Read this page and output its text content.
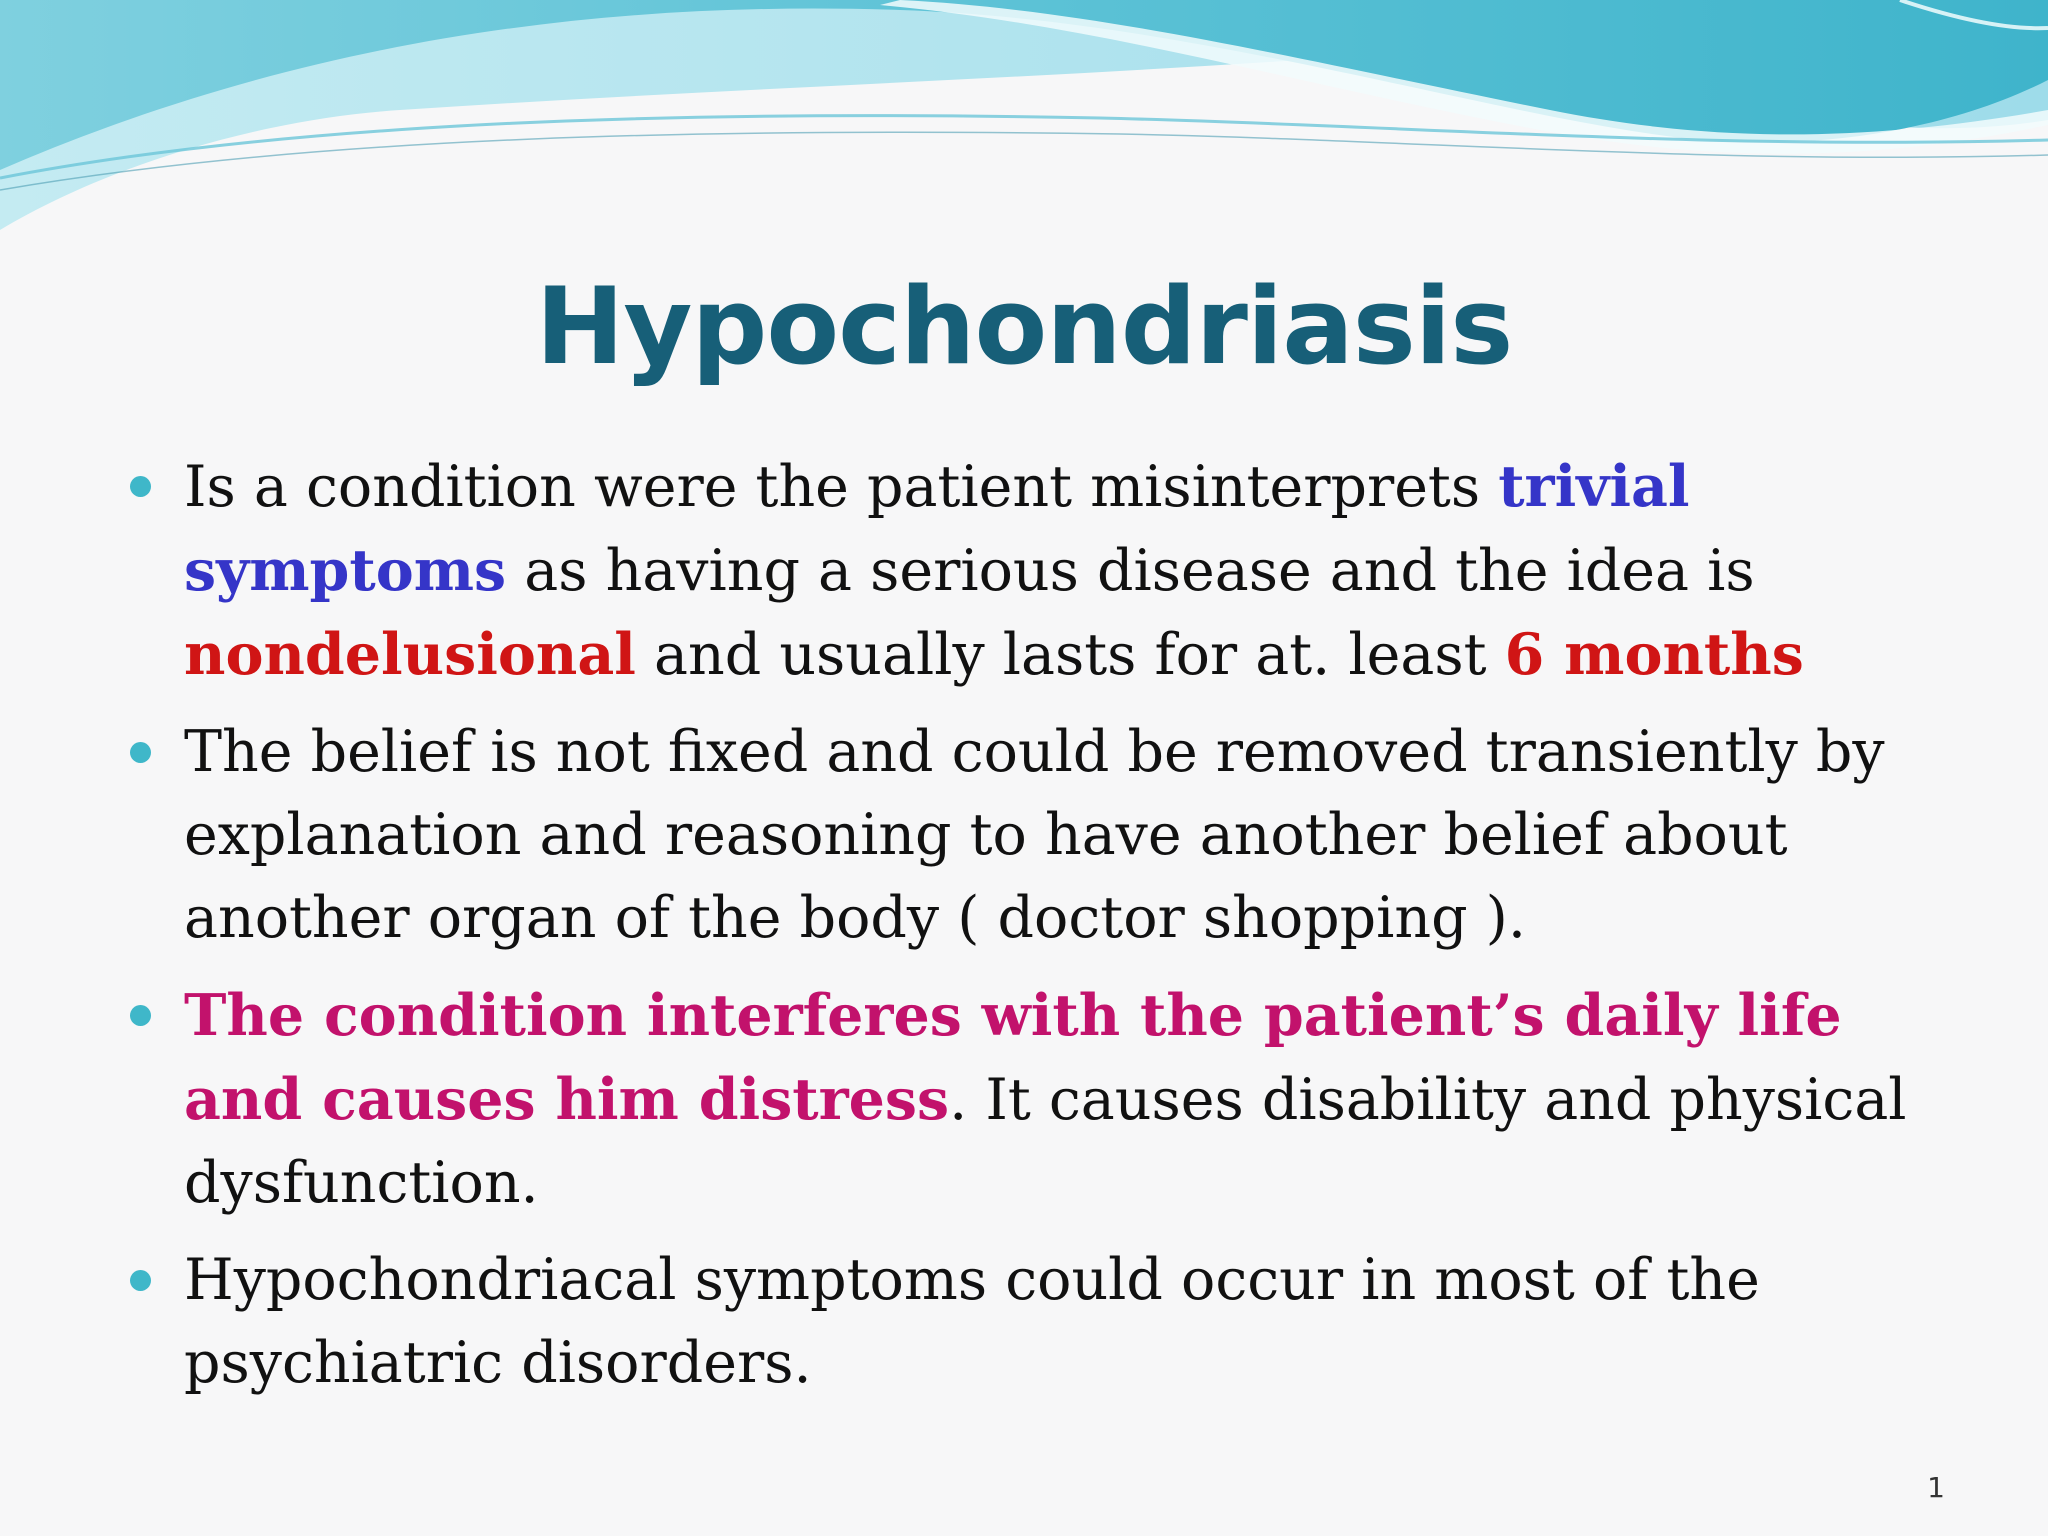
Hypochondriasis
Is a condition were the patient misinterprets trivial symptoms as having a serious disease and the idea is nondelusional and usually lasts for at. least 6 months
The belief is not fixed and could be removed transiently by explanation and reasoning to have another belief about another organ of the body ( doctor shopping ).
The condition interferes with the patient’s daily life and causes him distress. It causes disability and physical dysfunction.
Hypochondriacal symptoms could occur in most of the psychiatric disorders.
1
